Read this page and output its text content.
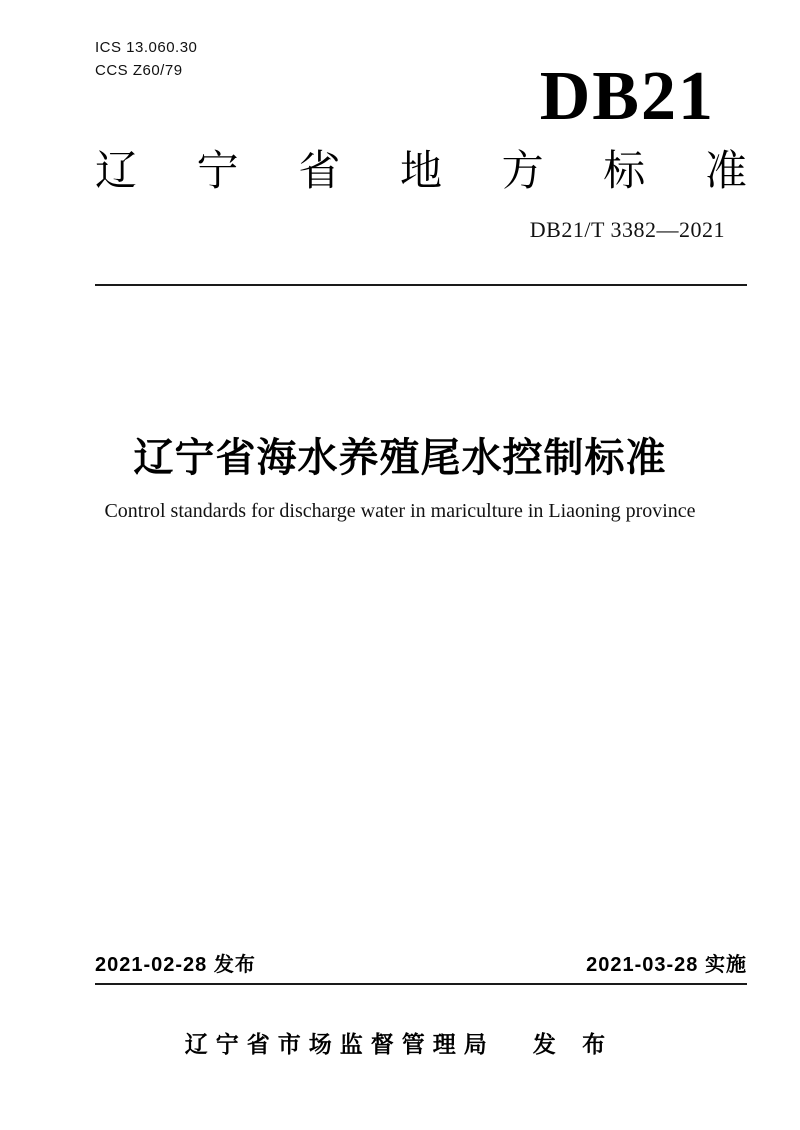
ICS 13.060.30
CCS Z60/79	DB21
辽 宁 省 地 方 标 准
DB21/T 3382—2021
辽宁省海水养殖尾水控制标准
Control standards for discharge water in mariculture in Liaoning province
2021-02-28 发布	2021-03-28 实施
辽宁省市场监督管理局 发 布
